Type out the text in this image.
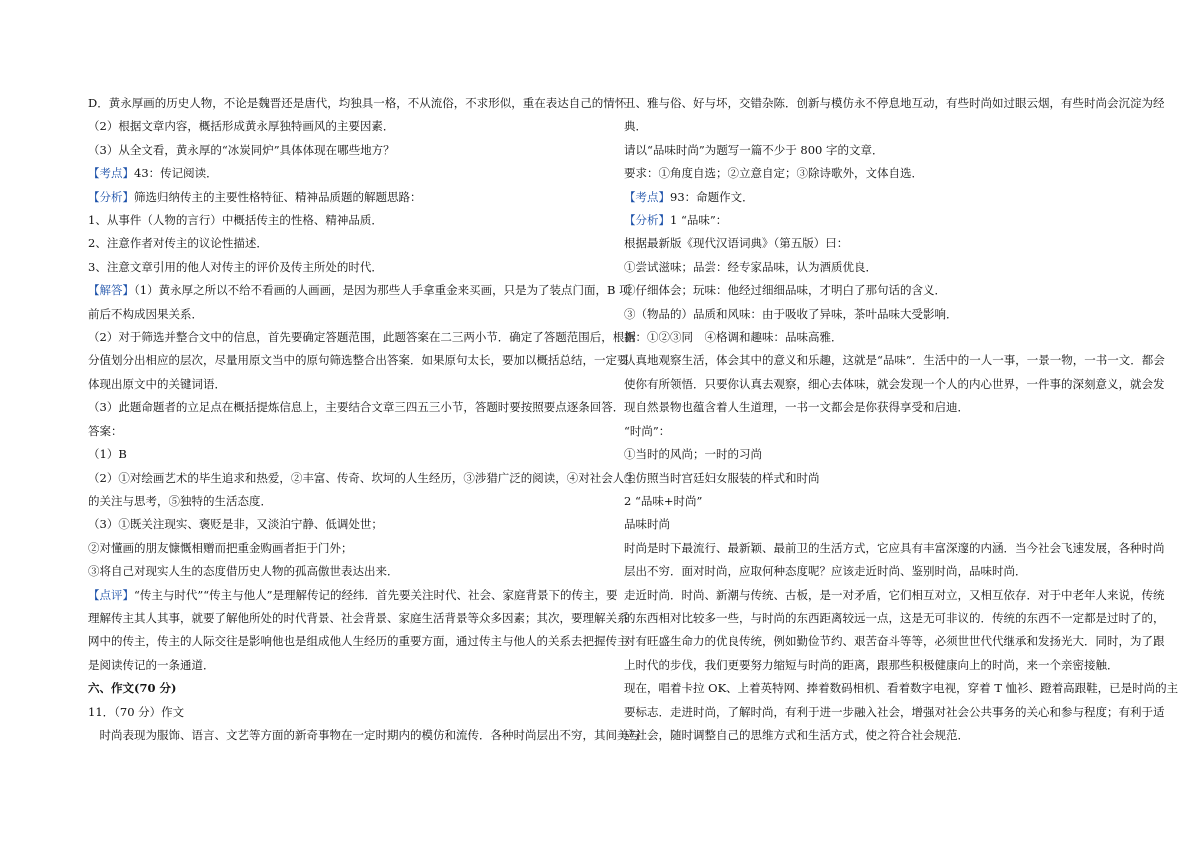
D．黄永厚画的历史人物，不论是魏晋还是唐代，均独具一格，不从流俗，不求形似，重在表达自己的情怀．
（2）根据文章内容，概括形成黄永厚独特画风的主要因素．
（3）从全文看，黄永厚的“冰炭同炉”具体体现在哪些地方？
【考点】43：传记阅读．
【分析】筛选归纳传主的主要性格特征、精神品质题的解题思路：
1、从事件（人物的言行）中概括传主的性格、精神品质．
2、注意作者对传主的议论性描述．
3、注意文章引用的他人对传主的评价及传主所处的时代．
【解答】（1）黄永厚之所以不给不看画的人画画，是因为那些人手拿重金来买画，只是为了装点门面，B 项
前后不构成因果关系．
（2）对于筛选并整合文中的信息，首先要确定答题范围，此题答案在二三两小节．确定了答题范围后，根据
分值划分出相应的层次，尽量用原文当中的原句筛选整合出答案．如果原句太长，要加以概括总结，一定要
体现出原文中的关键词语．
（3）此题命题者的立足点在概括提炼信息上，主要结合文章三四五三小节，答题时要按照要点逐条回答．
答案：
（1）B
（2）①对绘画艺术的毕生追求和热爱，②丰富、传奇、坎坷的人生经历，③涉猎广泛的阅读，④对社会人生
的关注与思考，⑤独特的生活态度．
（3）①既关注现实、褒贬是非，又淡泊宁静、低调处世；
②对懂画的朋友慷慨相赠而把重金购画者拒于门外；
③将自己对现实人生的态度借历史人物的孤高傲世表达出来．
【点评】“传主与时代”“传主与他人”是理解传记的经纬．首先要关注时代、社会、家庭背景下的传主，要
理解传主其人其事，就要了解他所处的时代背景、社会背景、家庭生活背景等众多因素；其次，要理解关系
网中的传主，传主的人际交往是影响他也是组成他人生经历的重要方面，通过传主与他人的关系去把握传主
是阅读传记的一条通道．
六、作文(70 分)
11．（70 分）作文
　时尚表现为服饰、语言、文艺等方面的新奇事物在一定时期内的模仿和流传．各种时尚层出不穷，其间美与
丑、雅与俗、好与坏，交错杂陈．创新与模仿永不停息地互动，有些时尚如过眼云烟，有些时尚会沉淀为经
典．
请以“品味时尚”为题写一篇不少于 800 字的文章．
要求：①角度自选；②立意自定；③除诗歌外，文体自选．
【考点】93：命题作文．
【分析】1 “品味”：
根据最新版《现代汉语词典》（第五版）曰：
①尝试滋味；品尝：经专家品味，认为酒质优良．
②仔细体会；玩味：他经过细细品味，才明白了那句话的含义．
③（物品的）品质和风味：由于吸收了异味，茶叶品味大受影响．
新：①②③同　④格调和趣味：品味高雅．
认真地观察生活，体会其中的意义和乐趣，这就是“品味”．生活中的一人一事，一景一物，一书一文．都会
使你有所领悟．只要你认真去观察，细心去体味，就会发现一个人的内心世界，一件事的深刻意义，就会发
现自然景物也蕴含着人生道理，一书一文都会是你获得享受和启迪．
“时尚”：
①当时的风尚；一时的习尚
②仿照当时宫廷妇女服装的样式和时尚
2 “品味+时尚”
品味时尚
时尚是时下最流行、最新颖、最前卫的生活方式，它应具有丰富深邃的内涵．当今社会飞速发展，各种时尚
层出不穷．面对时尚，应取何种态度呢？应该走近时尚、鉴别时尚，品味时尚．
走近时尚．时尚、新潮与传统、古板，是一对矛盾，它们相互对立，又相互依存．对于中老年人来说，传统
的东西相对比较多一些，与时尚的东西距离较远一点，这是无可非议的．传统的东西不一定都是过时了的，
对有旺盛生命力的优良传统，例如勤俭节约、艰苦奋斗等等，必须世世代代继承和发扬光大．同时，为了跟
上时代的步伐，我们更要努力缩短与时尚的距离，跟那些积极健康向上的时尚，来一个亲密接触．
现在，唱着卡拉 OK、上着英特网、捧着数码相机、看着数字电视，穿着 T 恤衫、蹬着高跟鞋，已是时尚的主
要标志．走进时尚，了解时尚，有利于进一步融入社会，增强对社会公共事务的关心和参与程度；有利于适
应社会，随时调整自己的思维方式和生活方式，使之符合社会规范．
